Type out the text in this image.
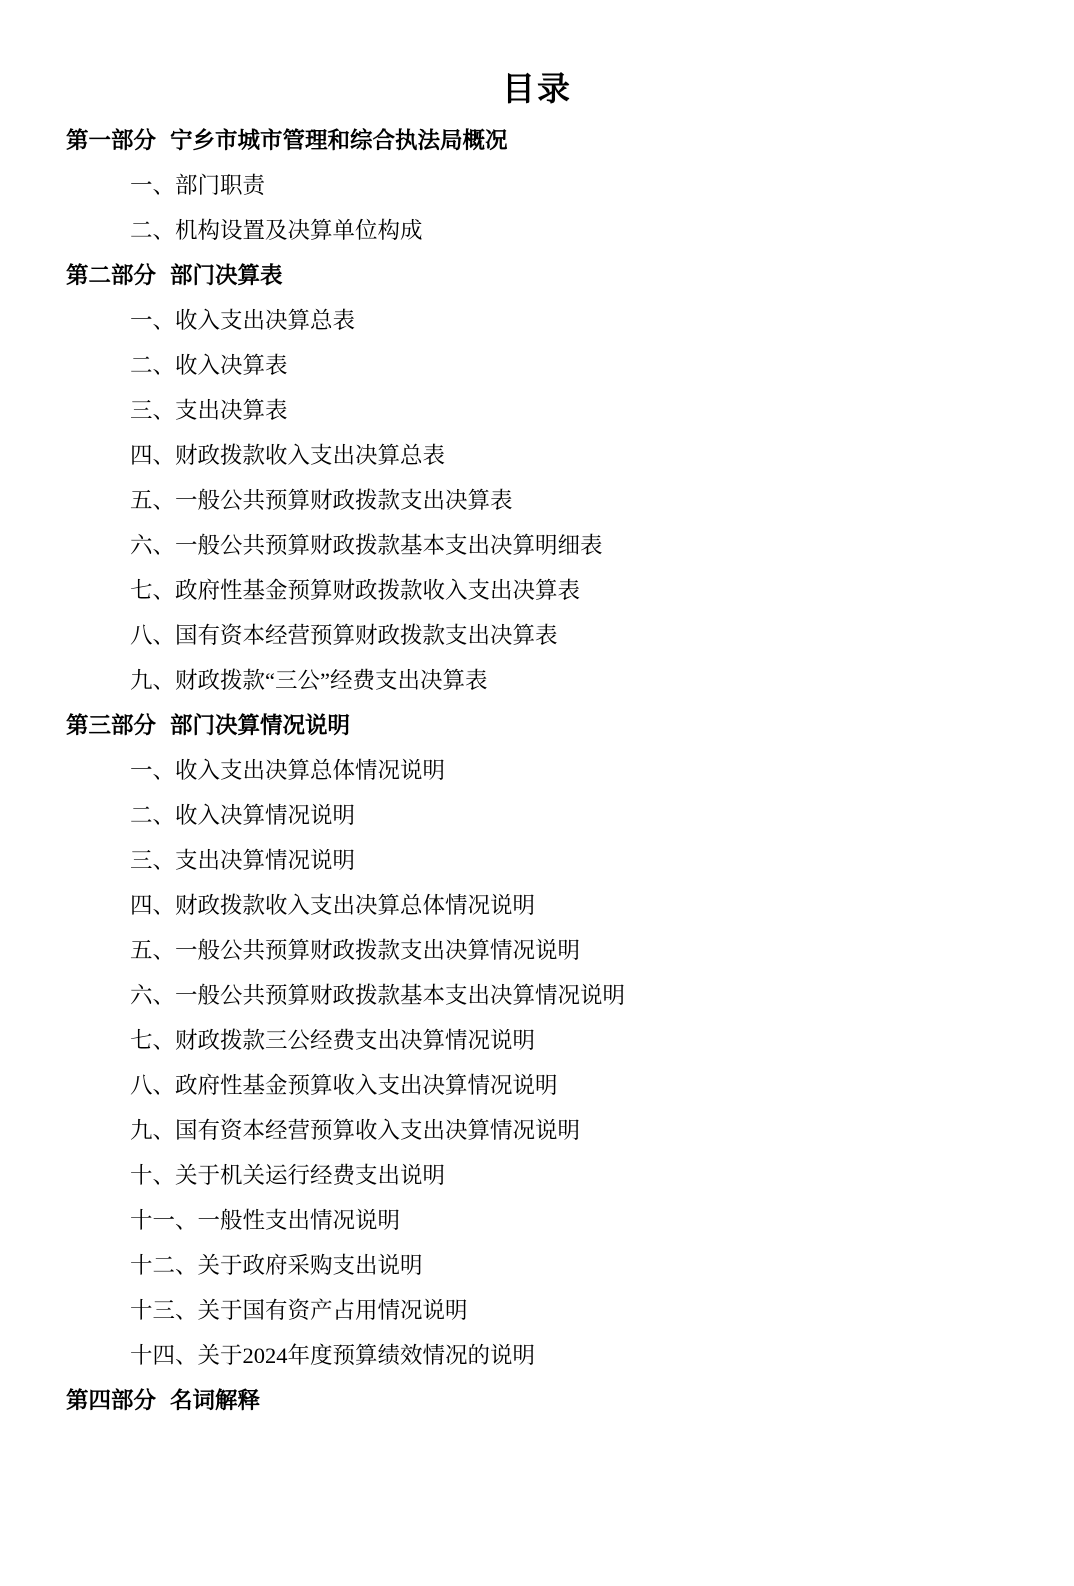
目录
第一部分 宁乡市城市管理和综合执法局概况
一、部门职责
二、机构设置及决算单位构成
第二部分 部门决算表
一、收入支出决算总表
二、收入决算表
三、支出决算表
四、财政拨款收入支出决算总表
五、一般公共预算财政拨款支出决算表
六、一般公共预算财政拨款基本支出决算明细表
七、政府性基金预算财政拨款收入支出决算表
八、国有资本经营预算财政拨款支出决算表
九、财政拨款“三公”经费支出决算表
第三部分 部门决算情况说明
一、收入支出决算总体情况说明
二、收入决算情况说明
三、支出决算情况说明
四、财政拨款收入支出决算总体情况说明
五、一般公共预算财政拨款支出决算情况说明
六、一般公共预算财政拨款基本支出决算情况说明
七、财政拨款三公经费支出决算情况说明
八、政府性基金预算收入支出决算情况说明
九、国有资本经营预算收入支出决算情况说明
十、关于机关运行经费支出说明
十一、一般性支出情况说明
十二、关于政府采购支出说明
十三、关于国有资产占用情况说明
十四、关于2024年度预算绩效情况的说明
第四部分 名词解释
